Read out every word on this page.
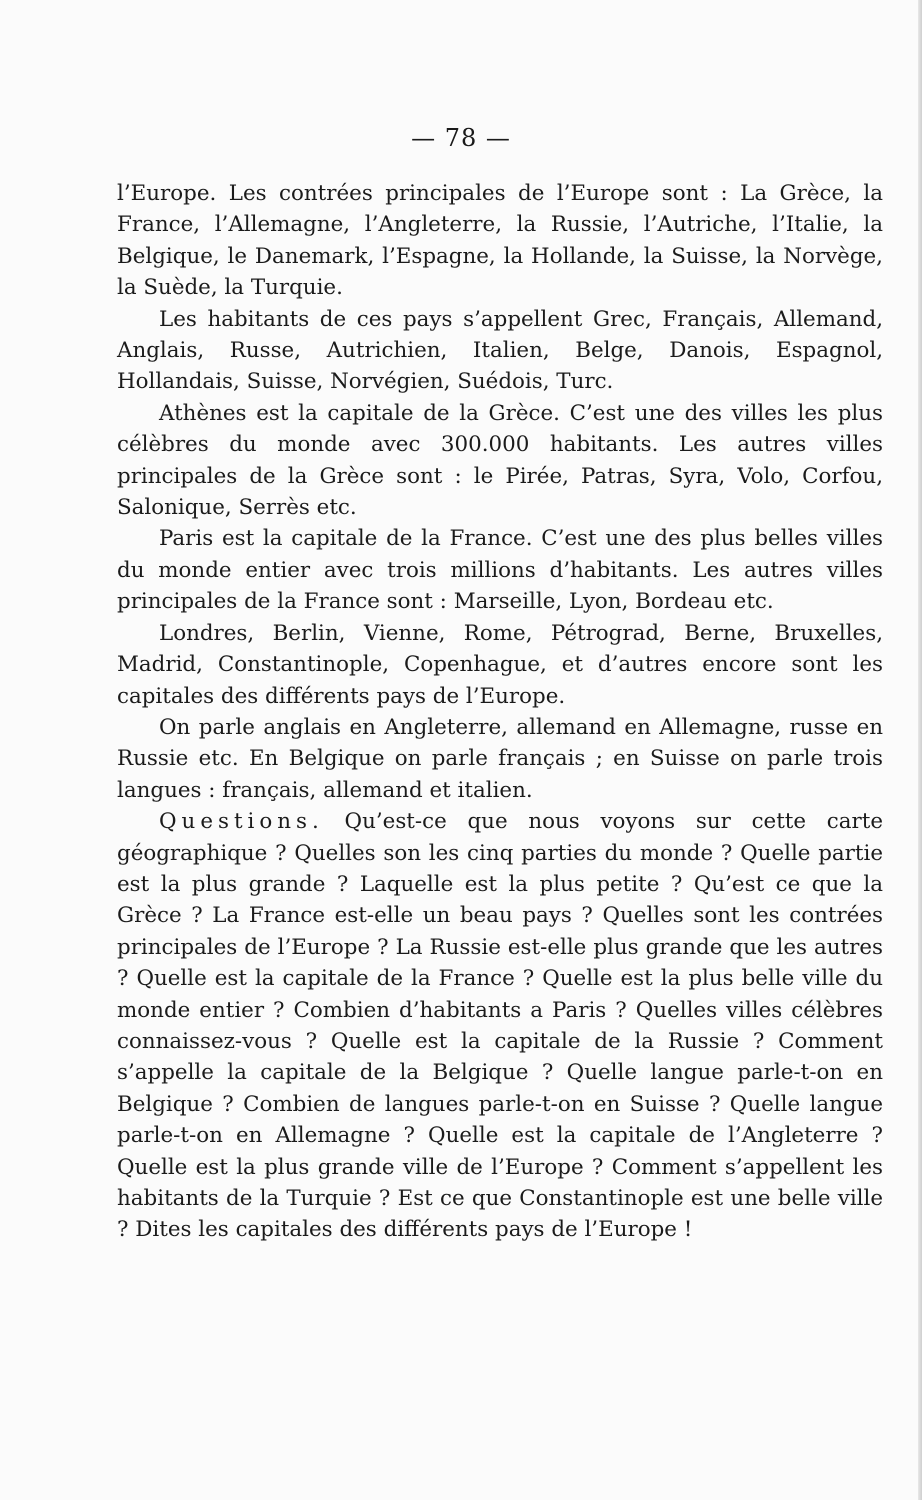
— 78 —

l’Europe. Les contrées principales de l’Europe sont : La Grèce, la France, l’Allemagne, l’Angleterre, la Russie, l’Autriche, l’Italie, la Belgique, le Danemark, l’Espagne, la Hollande, la Suisse, la Norvège, la Suède, la Turquie.

Les habitants de ces pays s’appellent Grec, Français, Allemand, Anglais, Russe, Autrichien, Italien, Belge, Danois, Espagnol, Hollandais, Suisse, Norvégien, Suédois, Turc.

Athènes est la capitale de la Grèce. C’est une des villes les plus célèbres du monde avec 300.000 habitants. Les autres villes principales de la Grèce sont : le Pirée, Patras, Syra, Volo, Corfou, Salonique, Serrès etc.

Paris est la capitale de la France. C’est une des plus belles villes du monde entier avec trois millions d’habitants. Les autres villes principales de la France sont : Marseille, Lyon, Bordeau etc.

Londres, Berlin, Vienne, Rome, Pétrograd, Berne, Bruxelles, Madrid, Constantinople, Copenhague, et d’autres encore sont les capitales des différents pays de l’Europe.

On parle anglais en Angleterre, allemand en Allemagne, russe en Russie etc. En Belgique on parle français ; en Suisse on parle trois langues : français, allemand et italien.

Questions. Qu’est-ce que nous voyons sur cette carte géographique ? Quelles son les cinq parties du monde ? Quelle partie est la plus grande ? Laquelle est la plus petite ? Qu’est ce que la Grèce ? La France est-elle un beau pays ? Quelles sont les contrées principales de l’Europe ? La Russie est-elle plus grande que les autres ? Quelle est la capitale de la France ? Quelle est la plus belle ville du monde entier ? Combien d’habitants a Paris ? Quelles villes célèbres connaissez-vous ? Quelle est la capitale de la Russie ? Comment s’appelle la capitale de la Belgique ? Quelle langue parle-t-on en Belgique ? Combien de langues parle-t-on en Suisse ? Quelle langue parle-t-on en Allemagne ? Quelle est la capitale de l’Angleterre ? Quelle est la plus grande ville de l’Europe ? Comment s’appellent les habitants de la Turquie ? Est ce que Constantinople est une belle ville ? Dites les capitales des différents pays de l’Europe !
